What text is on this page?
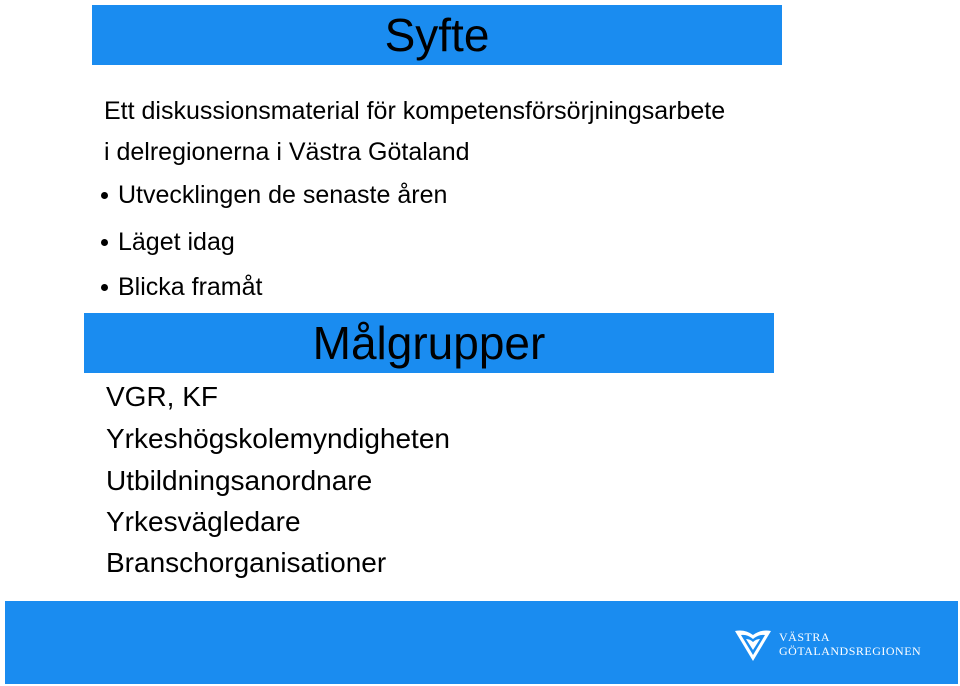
Syfte
Ett diskussionsmaterial för kompetensförsörjningsarbete
i delregionerna i Västra Götaland
Utvecklingen de senaste åren
Läget idag
Blicka framåt
Målgrupper
VGR, KF
Yrkeshögskolemyndigheten
Utbildningsanordnare
Yrkesvägledare
Branschorganisationer
VÄSTRA
GÖTALANDSREGIONEN
